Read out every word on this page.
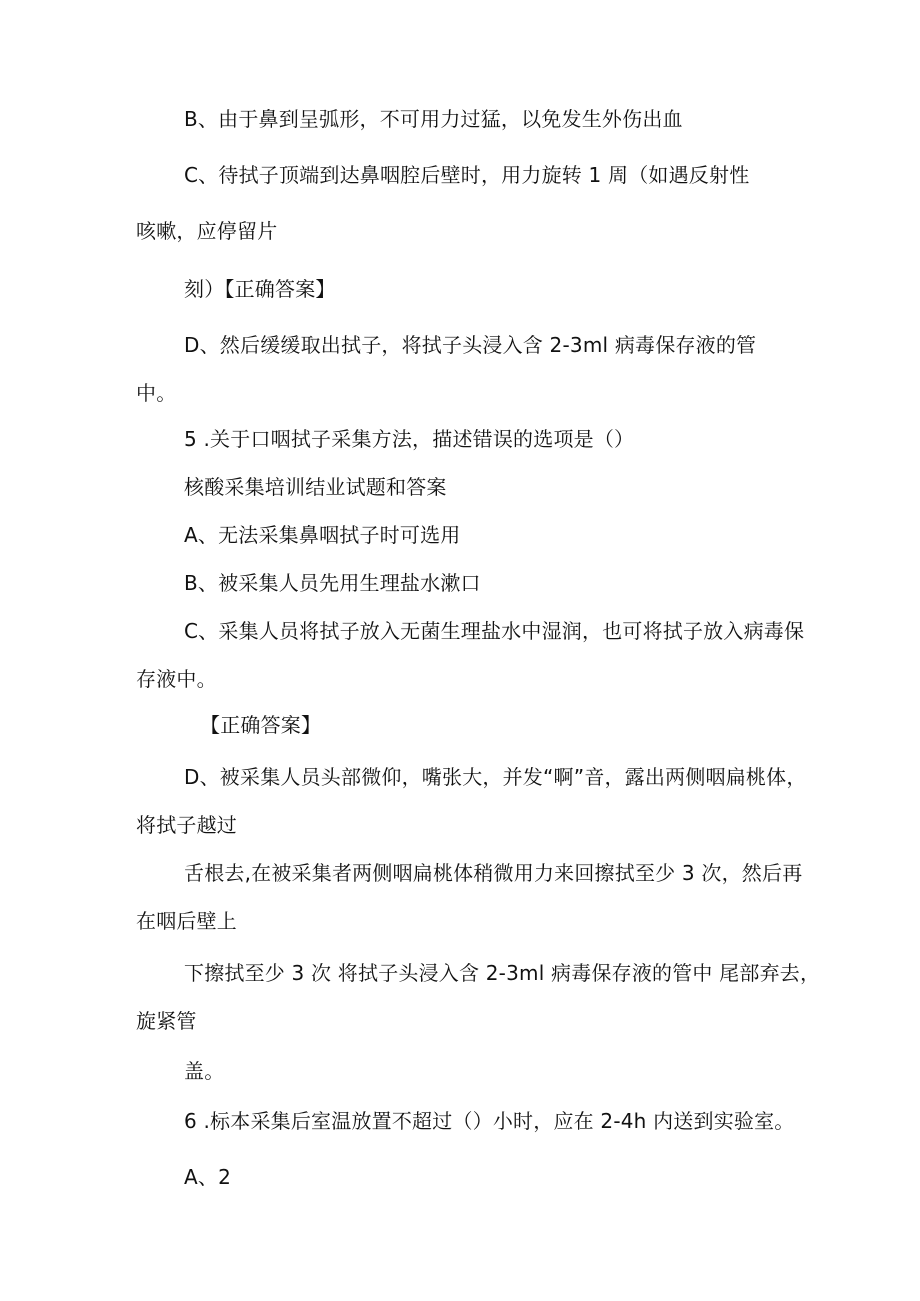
B、由于鼻到呈弧形，不可用力过猛，以免发生外伤出血
C、待拭子顶端到达鼻咽腔后壁时，用力旋转 1 周（如遇反射性
咳嗽，应停留片
刻）【正确答案】
D、然后缓缓取出拭子，将拭子头浸入含 2-3ml 病毒保存液的管
中。
5 .关于口咽拭子采集方法，描述错误的选项是（）
核酸采集培训结业试题和答案
A、无法采集鼻咽拭子时可选用
B、被采集人员先用生理盐水漱口
C、采集人员将拭子放入无菌生理盐水中湿润，也可将拭子放入病毒保
存液中。
【正确答案】
D、被采集人员头部微仰，嘴张大，并发“啊”音，露出两侧咽扁桃体，
将拭子越过
舌根去,在被采集者两侧咽扁桃体稍微用力来回擦拭至少 3 次，然后再
在咽后壁上
下擦拭至少 3 次 将拭子头浸入含 2-3ml 病毒保存液的管中 尾部弃去，
旋紧管
盖。
6 .标本采集后室温放置不超过（）小时，应在 2-4h 内送到实验室。
A、2
